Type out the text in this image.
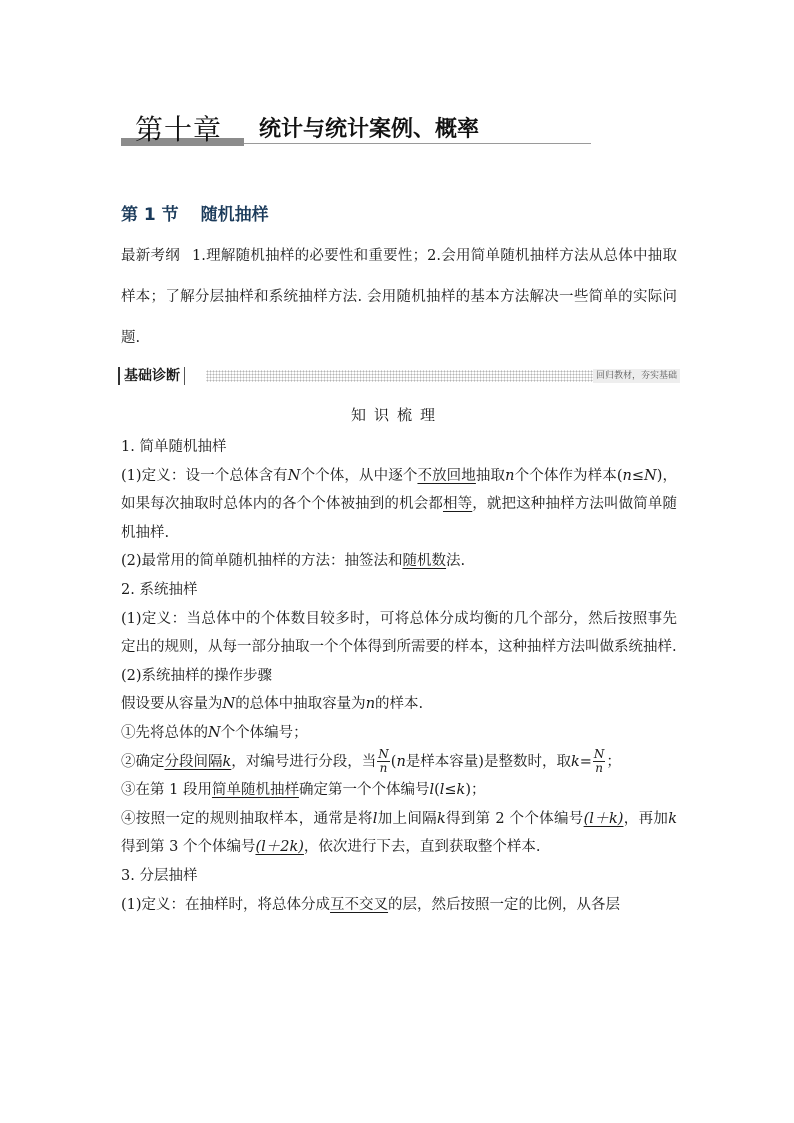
第十章 统计与统计案例、概率
第 1 节 随机抽样
最新考纲 1.理解随机抽样的必要性和重要性；2.会用简单随机抽样方法从总体中抽取样本；了解分层抽样和系统抽样方法. 会用随机抽样的基本方法解决一些简单的实际问题.
基础诊断	回归教材，夯实基础
知识梳理

1. 简单随机抽样

(1)定义：设一个总体含有N个个体，从中逐个不放回地抽取n个个体作为样本(n≤N)，如果每次抽取时总体内的各个个体被抽到的机会都相等，就把这种抽样方法叫做简单随机抽样.

(2)最常用的简单随机抽样的方法：抽签法和随机数法.

2. 系统抽样

(1)定义：当总体中的个体数目较多时，可将总体分成均衡的几个部分，然后按照事先定出的规则，从每一部分抽取一个个体得到所需要的样本，这种抽样方法叫做系统抽样.

(2)系统抽样的操作步骤

假设要从容量为N的总体中抽取容量为n的样本.

①先将总体的N个个体编号；

②确定分段间隔k，对编号进行分段，当 $\frac{N}{n} (n$是样本容量)是整数时，取$k= \frac{N}{n}$ ；

③在第 1 段用简单随机抽样确定第一个个体编号l(l≤k)；

④按照一定的规则抽取样本，通常是将l加上间隔k得到第 2 个个体编号(l＋k)，再加k得到第 3 个个体编号(l＋2k)，依次进行下去，直到获取整个样本.

3. 分层抽样

(1)定义：在抽样时，将总体分成互不交叉的层，然后按照一定的比例，从各层
